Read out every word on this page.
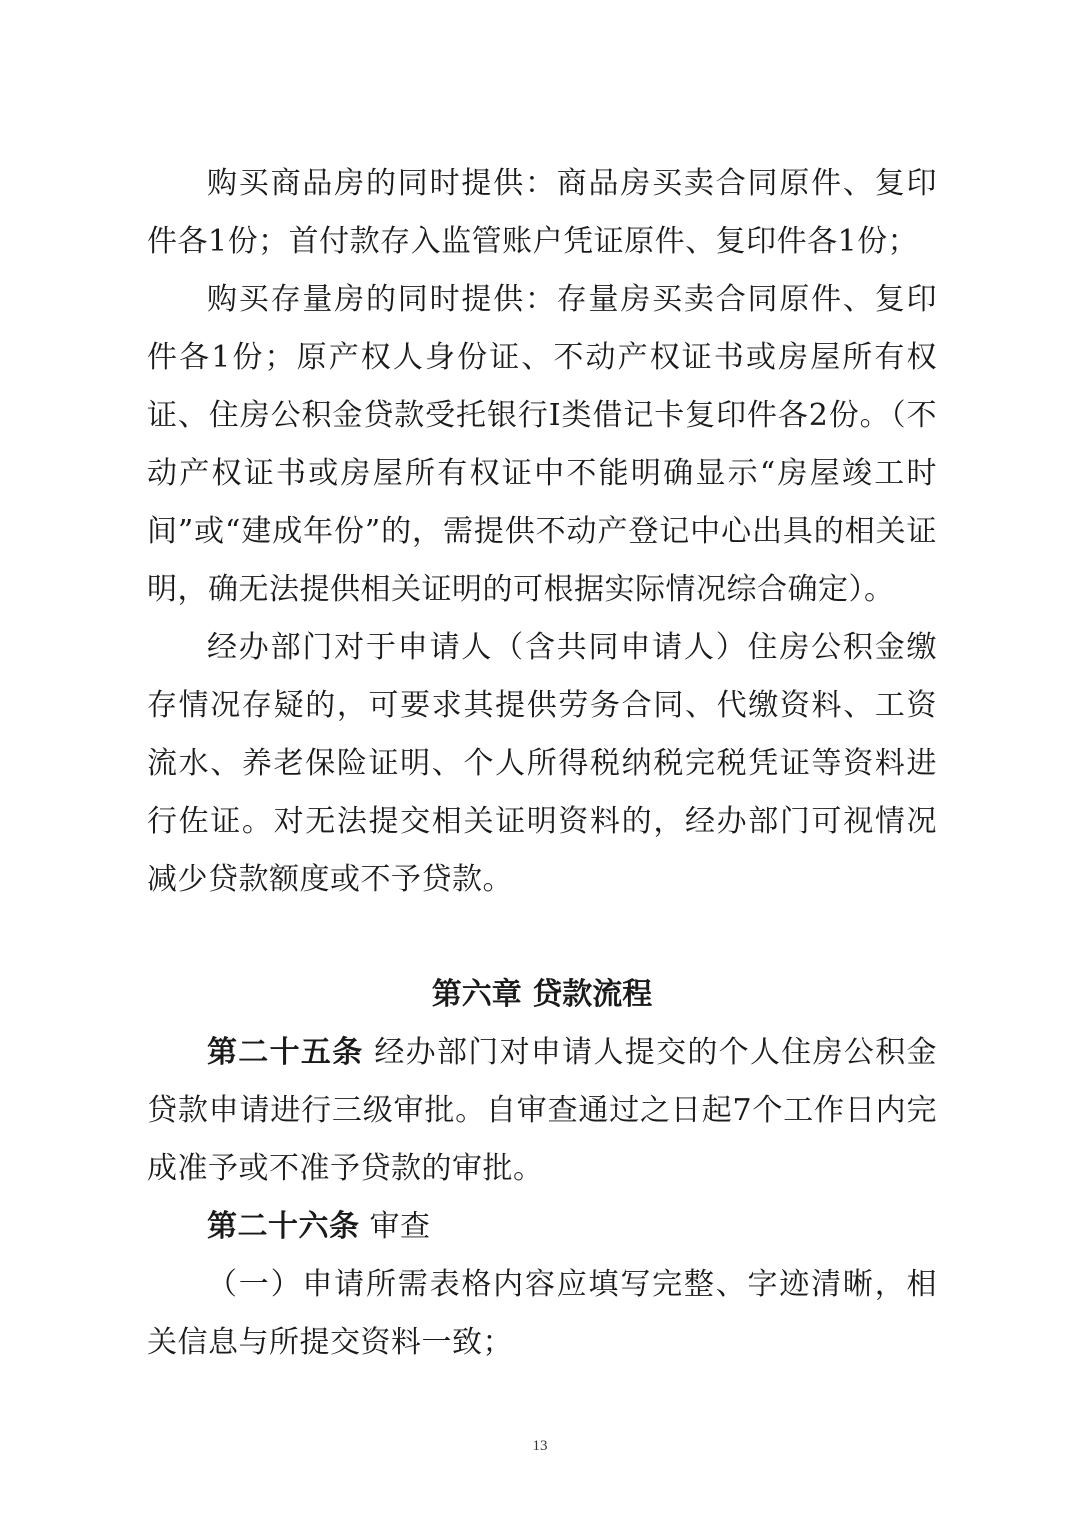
购买商品房的同时提供：商品房买卖合同原件、复印件各1份；首付款存入监管账户凭证原件、复印件各1份；

购买存量房的同时提供：存量房买卖合同原件、复印件各1份；原产权人身份证、不动产权证书或房屋所有权证、住房公积金贷款受托银行I类借记卡复印件各2份。（不动产权证书或房屋所有权证中不能明确显示“房屋竣工时间”或“建成年份”的，需提供不动产登记中心出具的相关证明，确无法提供相关证明的可根据实际情况综合确定）。

经办部门对于申请人（含共同申请人）住房公积金缴存情况存疑的，可要求其提供劳务合同、代缴资料、工资流水、养老保险证明、个人所得税纳税完税凭证等资料进行佐证。对无法提交相关证明资料的，经办部门可视情况减少贷款额度或不予贷款。

第六章 贷款流程

第二十五条 经办部门对申请人提交的个人住房公积金贷款申请进行三级审批。自审查通过之日起7个工作日内完成准予或不准予贷款的审批。

第二十六条 审查

（一）申请所需表格内容应填写完整、字迹清晰，相关信息与所提交资料一致；

13
